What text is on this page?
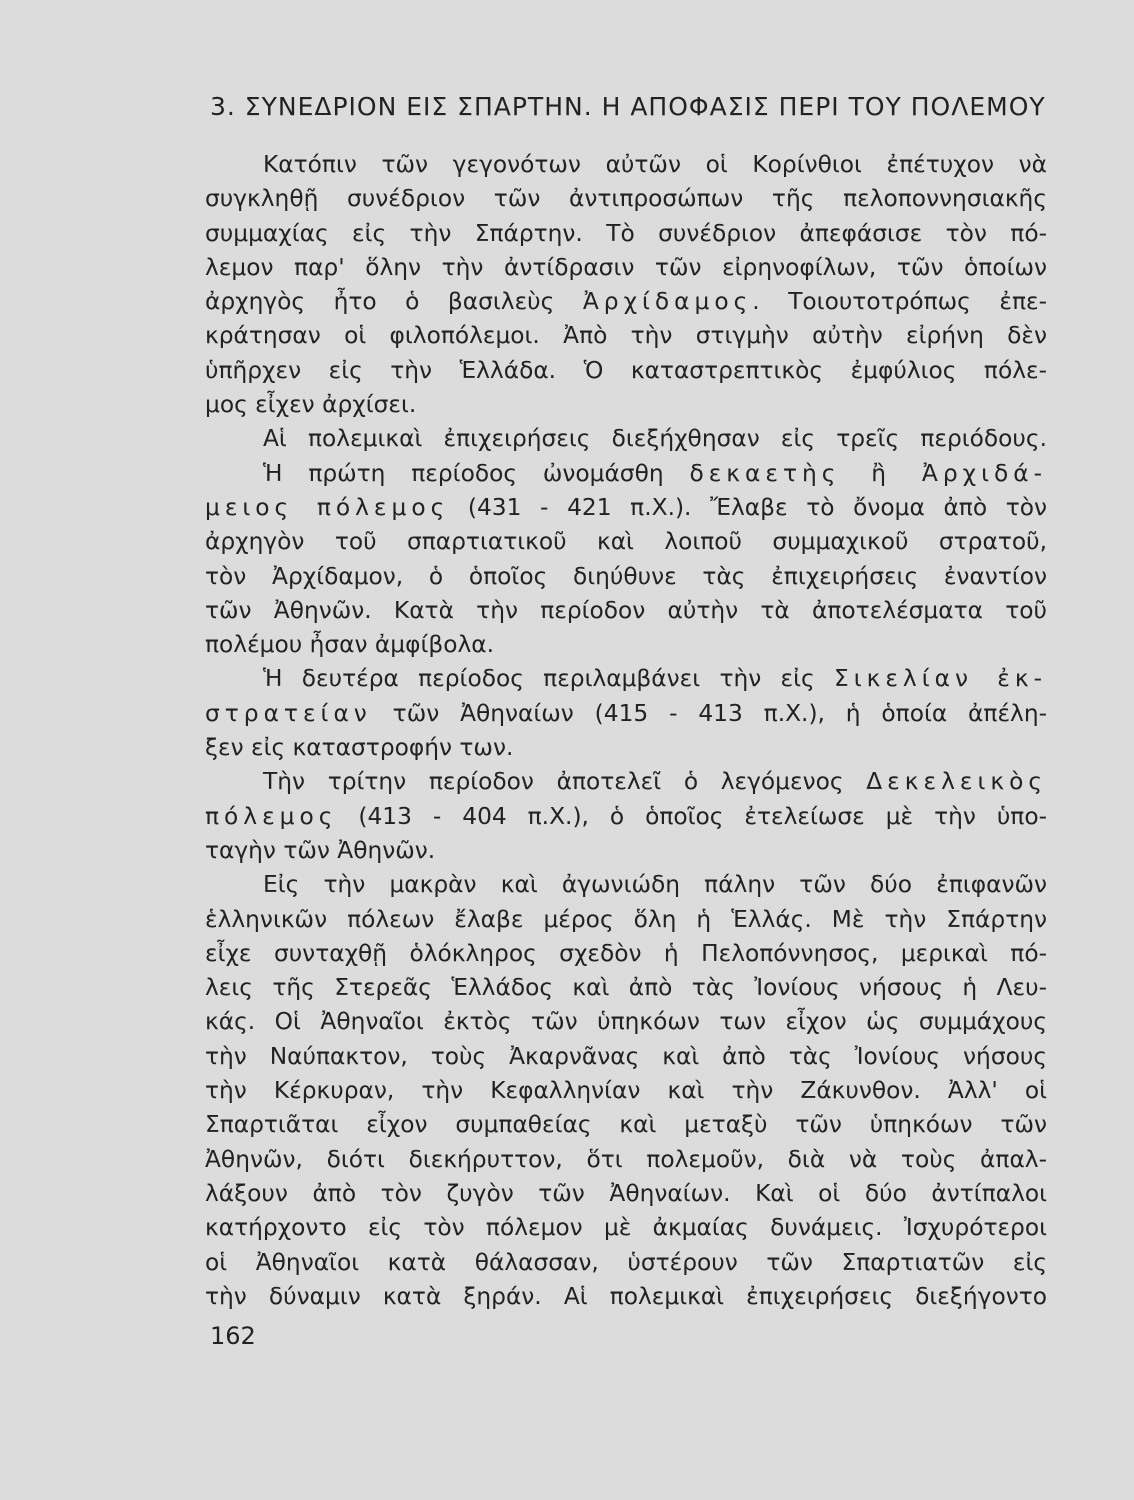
3. ΣΥΝΕΔΡΙΟΝ ΕΙΣ ΣΠΑΡΤΗΝ. Η ΑΠΟΦΑΣΙΣ ΠΕΡΙ ΤΟΥ ΠΟΛΕΜΟΥ
Κατόπιν τῶν γεγονότων αὐτῶν οἱ Κορίνθιοι ἐπέτυχον νὰ
συγκληθῇ συνέδριον τῶν ἀντιπροσώπων τῆς πελοποννησιακῆς
συμμαχίας εἰς τὴν Σπάρτην. Τὸ συνέδριον ἀπεφάσισε τὸν πό-
λεμον παρ' ὅλην τὴν ἀντίδρασιν τῶν εἰρηνοφίλων, τῶν ὁποίων
ἀρχηγὸς ἦτο ὁ βασιλεὺς Ἀρχίδαμος. Τοιουτοτρόπως ἐπε-
κράτησαν οἱ φιλοπόλεμοι. Ἀπὸ τὴν στιγμὴν αὐτὴν εἰρήνη δὲν
ὑπῆρχεν εἰς τὴν Ἑλλάδα. Ὁ καταστρεπτικὸς ἐμφύλιος πόλε-
μος εἶχεν ἀρχίσει.
Αἱ πολεμικαὶ ἐπιχειρήσεις διεξήχθησαν εἰς τρεῖς περιόδους.
Ἡ πρώτη περίοδος ὠνομάσθη δεκαετὴς ἢ Ἀρχιδά-
μειος πόλεμος (431 - 421 π.Χ.). Ἔλαβε τὸ ὄνομα ἀπὸ τὸν
ἀρχηγὸν τοῦ σπαρτιατικοῦ καὶ λοιποῦ συμμαχικοῦ στρατοῦ,
τὸν Ἀρχίδαμον, ὁ ὁποῖος διηύθυνε τὰς ἐπιχειρήσεις ἐναντίον
τῶν Ἀθηνῶν. Κατὰ τὴν περίοδον αὐτὴν τὰ ἀποτελέσματα τοῦ
πολέμου ἦσαν ἀμφίβολα.
Ἡ δευτέρα περίοδος περιλαμβάνει τὴν εἰς Σικελίαν ἐκ-
στρατείαν τῶν Ἀθηναίων (415 - 413 π.Χ.), ἡ ὁποία ἀπέλη-
ξεν εἰς καταστροφήν των.
Τὴν τρίτην περίοδον ἀποτελεῖ ὁ λεγόμενος Δεκελεικὸς
πόλεμος (413 - 404 π.Χ.), ὁ ὁποῖος ἐτελείωσε μὲ τὴν ὑπο-
ταγὴν τῶν Ἀθηνῶν.
Εἰς τὴν μακρὰν καὶ ἀγωνιώδη πάλην τῶν δύο ἐπιφανῶν
ἑλληνικῶν πόλεων ἔλαβε μέρος ὅλη ἡ Ἑλλάς. Μὲ τὴν Σπάρτην
εἶχε συνταχθῇ ὁλόκληρος σχεδὸν ἡ Πελοπόννησος, μερικαὶ πό-
λεις τῆς Στερεᾶς Ἑλλάδος καὶ ἀπὸ τὰς Ἰονίους νήσους ἡ Λευ-
κάς. Οἱ Ἀθηναῖοι ἐκτὸς τῶν ὑπηκόων των εἶχον ὡς συμμάχους
τὴν Ναύπακτον, τοὺς Ἀκαρνᾶνας καὶ ἀπὸ τὰς Ἰονίους νήσους
τὴν Κέρκυραν, τὴν Κεφαλληνίαν καὶ τὴν Ζάκυνθον. Ἀλλ' οἱ
Σπαρτιᾶται εἶχον συμπαθείας καὶ μεταξὺ τῶν ὑπηκόων τῶν
Ἀθηνῶν, διότι διεκήρυττον, ὅτι πολεμοῦν, διὰ νὰ τοὺς ἀπαλ-
λάξουν ἀπὸ τὸν ζυγὸν τῶν Ἀθηναίων. Καὶ οἱ δύο ἀντίπαλοι
κατήρχοντο εἰς τὸν πόλεμον μὲ ἀκμαίας δυνάμεις. Ἰσχυρότεροι
οἱ Ἀθηναῖοι κατὰ θάλασσαν, ὑστέρουν τῶν Σπαρτιατῶν εἰς
τὴν δύναμιν κατὰ ξηράν. Αἱ πολεμικαὶ ἐπιχειρήσεις διεξήγοντο
162
